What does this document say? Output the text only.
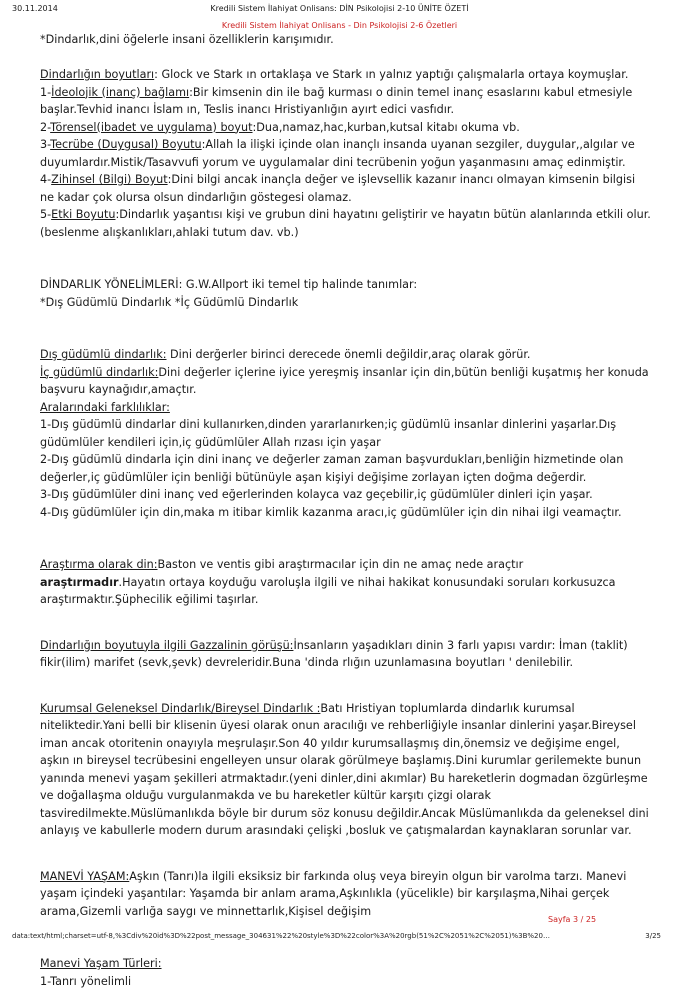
30.11.2014	Kredili Sistem İlahiyat Onlisans: DİN Psikolojisi 2-10 ÜNİTE ÖZETİ
Kredili Sistem İlahiyat Onlisans - Din Psikolojisi 2-6 Özetleri

*Dindarlık,dini öğelerle insani özelliklerin karışımıdır.

Dindarlığın boyutları: Glock ve Stark ın ortaklaşa ve Stark ın yalnız yaptığı çalışmalarla ortaya koymuşlar.

1-İdeolojik (inanç) bağlamı:Bir kimsenin din ile bağ kurması o dinin temel inanç esaslarını kabul etmesiyle başlar.Tevhid inancı İslam ın, Teslis inancı Hristiyanlığın ayırt edici vasfıdır.

2-Törensel(ibadet ve uygulama) boyut:Dua,namaz,hac,kurban,kutsal kitabı okuma vb.

3-Tecrübe (Duygusal) Boyutu:Allah la ilişki içinde olan inançlı insanda uyanan sezgiler, duygular,,algılar ve duyumlardır.Mistik/Tasavvufi yorum ve uygulamalar dini tecrübenin yoğun yaşanmasını amaç edinmiştir.

4-Zihinsel (Bilgi) Boyut:Dini bilgi ancak inançla değer ve işlevsellik kazanır inancı olmayan kimsenin bilgisi ne kadar çok olursa olsun dindarlığın göstegesi olamaz.

5-Etki Boyutu:Dindarlık yaşantısı kişi ve grubun dini hayatını geliştirir ve hayatın bütün alanlarında etkili olur.(beslenme alışkanlıkları,ahlaki tutum dav. vb.)

DİNDARLIK YÖNELİMLERİ: G.W.Allport iki temel tip halinde tanımlar:

*Dış Güdümlü Dindarlık *İç Güdümlü Dindarlık

Dış güdümlü dindarlık: Dini derğerler birinci derecede önemli değildir,araç olarak görür.

İç güdümlü dindarlık:Dini değerler içlerine iyice yereşmiş insanlar için din,bütün benliği kuşatmış her konuda başvuru kaynağıdır,amaçtır.

Aralarındaki farklılıklar:

1-Dış güdümlü dindarlar dini kullanırken,dinden yararlanırken;iç güdümlü insanlar dinlerini yaşarlar.Dış güdümlüler kendileri için,iç güdümlüler Allah rızası için yaşar

2-Dış güdümlü dindarla için dini inanç ve değerler zaman zaman başvurdukları,benliğin hizmetinde olan değerler,iç güdümlüler için benliği bütünüyle aşan kişiyi değişime zorlayan içten doğma değerdir.

3-Dış güdümlüler dini inanç ved eğerlerinden kolayca vaz geçebilir,iç güdümlüler dinleri için yaşar.

4-Dış güdümlüler için din,maka m itibar kimlik kazanma aracı,iç güdümlüler için din nihai ilgi veamaçtır.

Araştırma olarak din:Baston ve ventis gibi araştırmacılar için din ne amaç nede araçtır araştırmadır.Hayatın ortaya koyduğu varoluşla ilgili ve nihai hakikat konusundaki soruları korkusuzca araştırmaktır.Şüphecilik eğilimi taşırlar.

Dindarlığın boyutuyla ilgili Gazzalinin görüşü:İnsanların yaşadıkları dinin 3 farlı yapısı vardır: İman (taklit) fikir(ilim) marifet (sevk,şevk) devreleridir.Buna 'dinda rlığın uzunlamasına boyutları ' denilebilir.

Kurumsal Geleneksel Dindarlık/Bireysel Dindarlık :Batı Hristiyan toplumlarda dindarlık kurumsal niteliktedir.Yani belli bir klisenin üyesi olarak onun aracılığı ve rehberliğiyle insanlar dinlerini yaşar.Bireysel iman ancak otoritenin onayıyla meşrulaşır.Son 40 yıldır kurumsallaşmış din,önemsiz ve değişime engel, aşkın ın bireysel tecrübesini engelleyen unsur olarak görülmeye başlamış.Dini kurumlar gerilemekte bunun yanında menevi yaşam şekilleri atrmaktadır.(yeni dinler,dini akımlar) Bu hareketlerin dogmadan özgürleşme ve doğallaşma olduğu vurgulanmakda ve bu hareketler kültür karşıtı çizgi olarak tasviredilmekte.Müslümanlıkda böyle bir durum söz konusu değildir.Ancak Müslümanlıkda da geleneksel dini anlayış ve kabullerle modern durum arasındaki çelişki ,bosluk ve çatışmalardan kaynaklaran sorunlar var.

MANEVİ YAŞAM:Aşkın (Tanrı)la ilgili eksiksiz bir farkında oluş veya bireyin olgun bir varolma tarzı. Manevi yaşam içindeki yaşantılar: Yaşamda bir anlam arama,Aşkınlıkla (yücelikle) bir karşılaşma,Nihai gerçek arama,Gizemli varlığa saygı ve minnettarlık,Kişisel değişim

Manevi Yaşam Türleri:

1-Tanrı yönelimli

Sayfa 3 / 25
data:text/html;charset=utf-8,%3Cdiv%20id%3D%22post_message_304631%22%20style%3D%22color%3A%20rgb(51%2C%2051%2C%2051)%3B%20…	3/25
